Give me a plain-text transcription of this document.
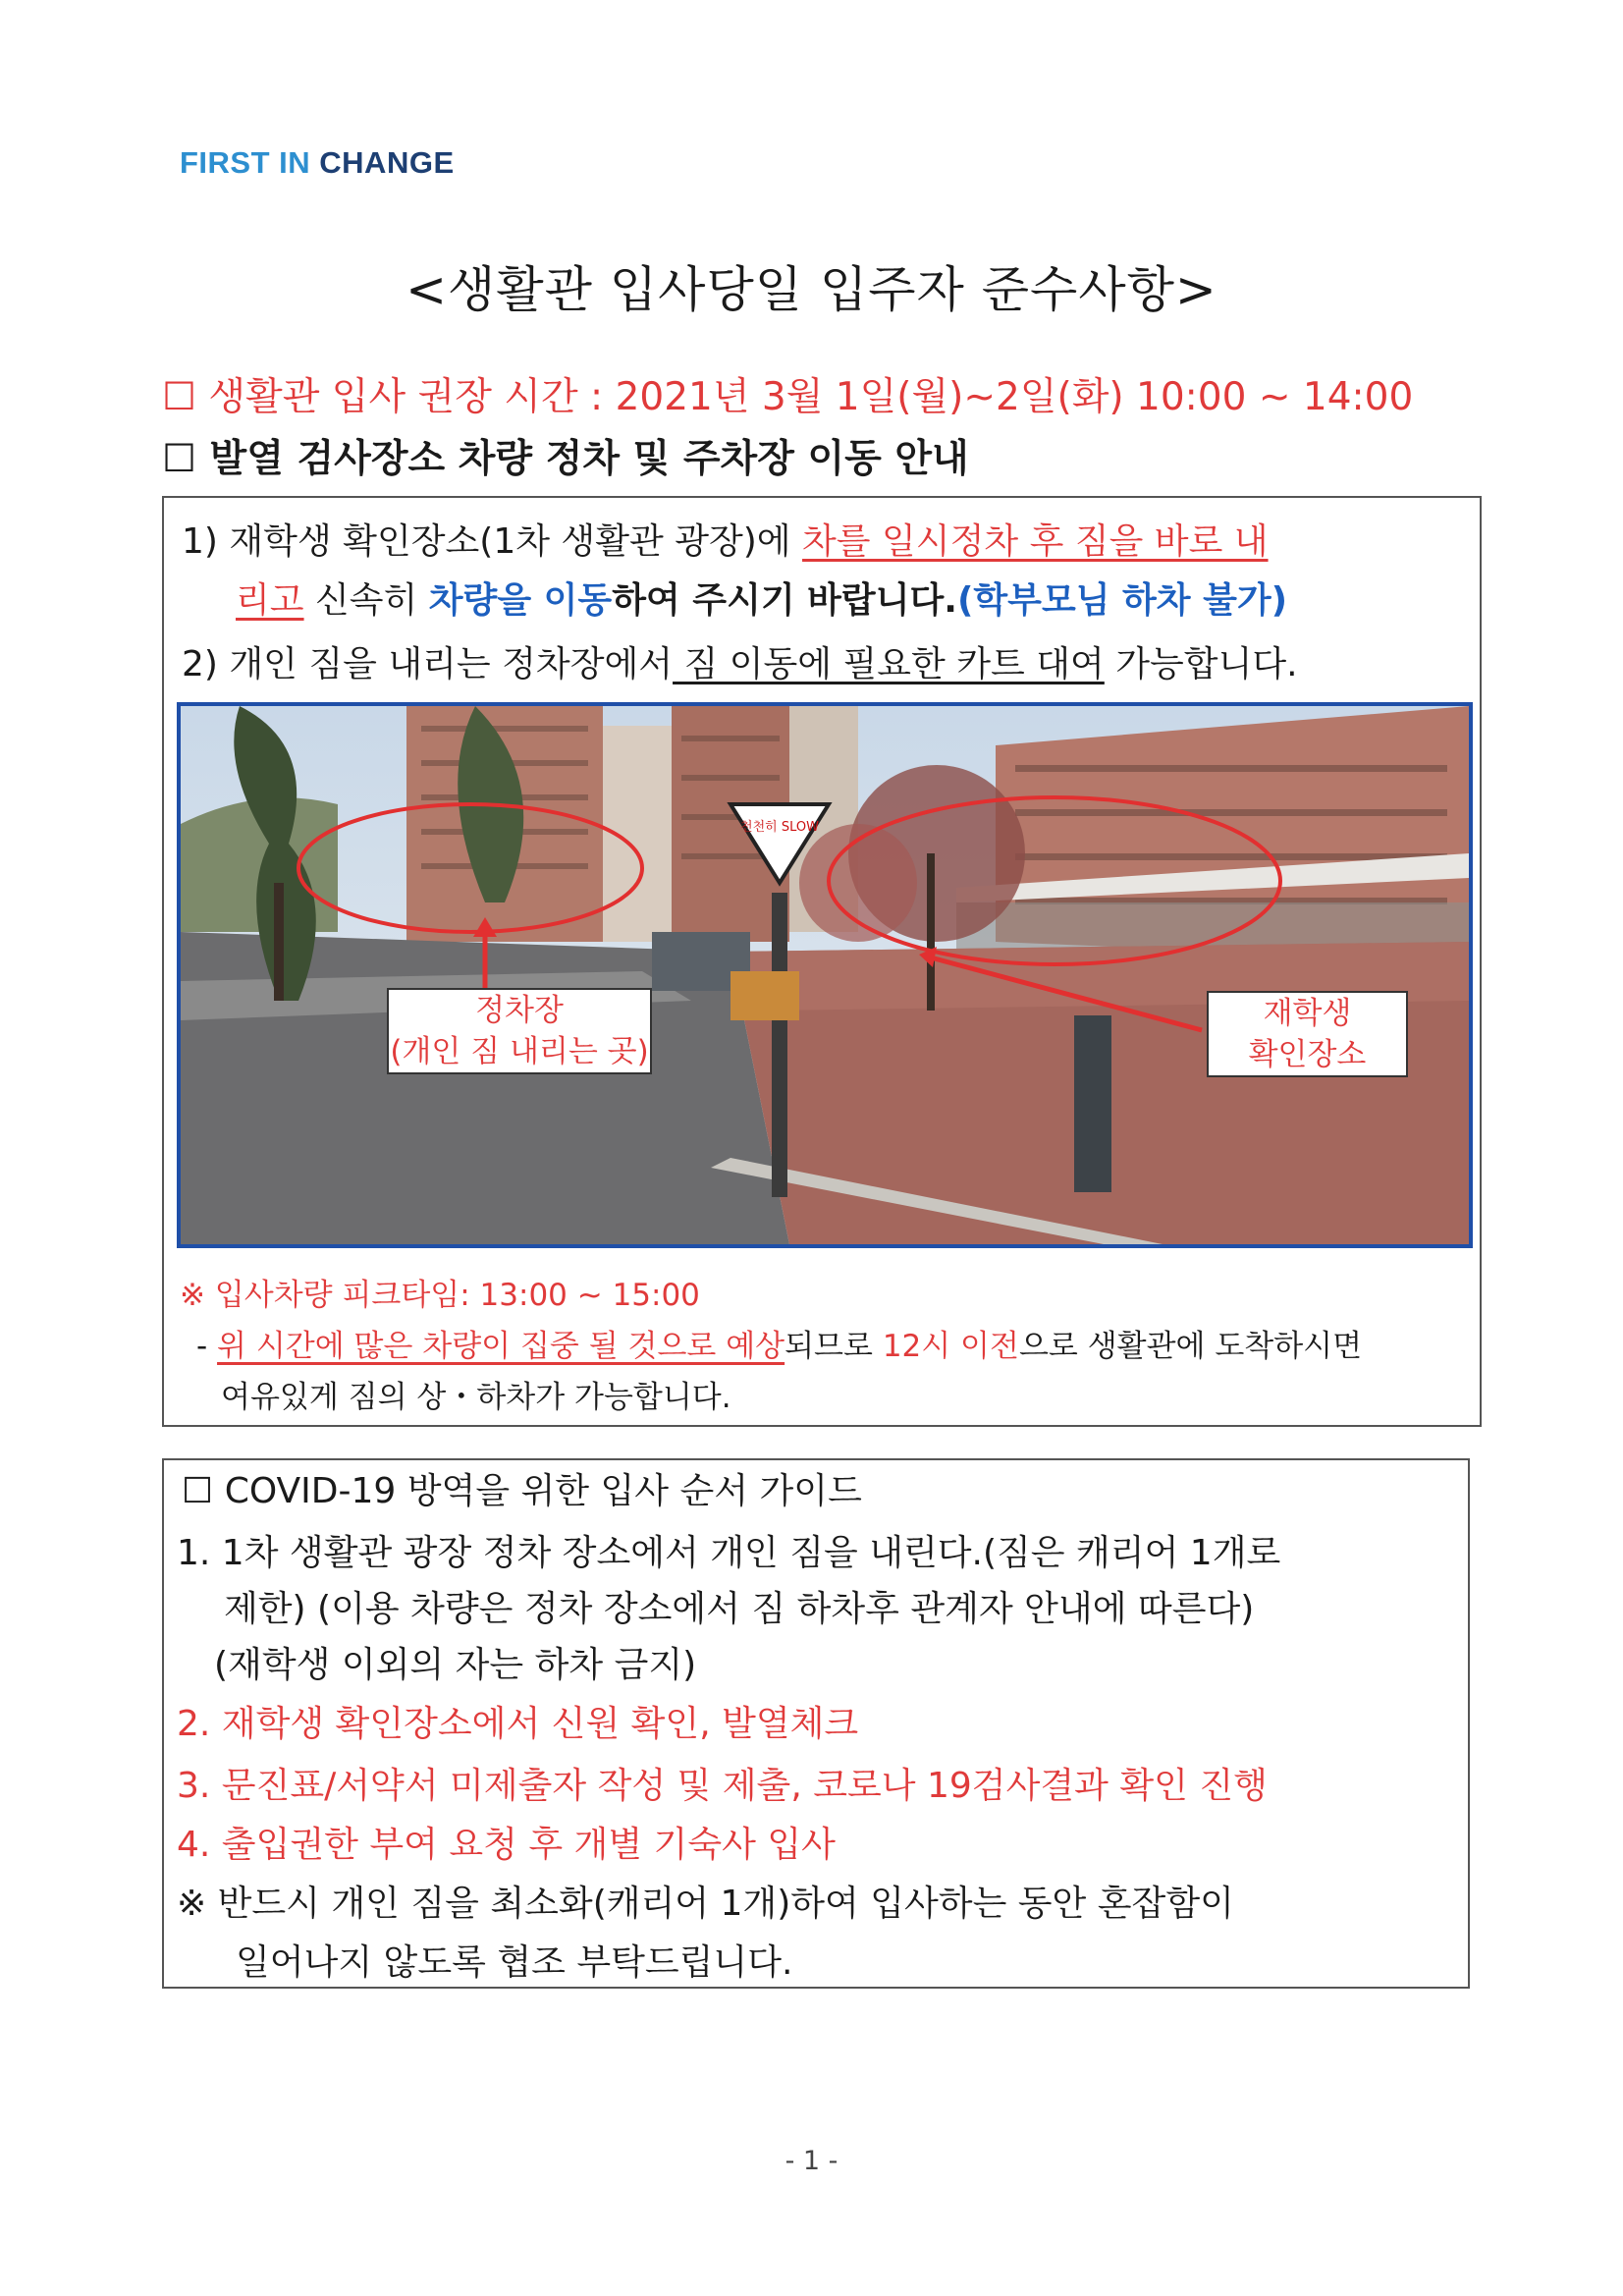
FIRST IN CHANGE
<생활관 입사당일 입주자 준수사항>
☐ 생활관 입사 권장 시간 : 2021년 3월 1일(월)~2일(화) 10:00 ~ 14:00
☐ 발열 검사장소 차량 정차 및 주차장 이동 안내
1) 재학생 확인장소(1차 생활관 광장)에 차를 일시정차 후 짐을 바로 내
리고 신속히 차량을 이동하여 주시기 바랍니다.(학부모님 하차 불가)
2) 개인 짐을 내리는 정차장에서 짐 이동에 필요한 카트 대여 가능합니다.
천천히 SLOW
정차장
(개인 짐 내리는 곳)
재학생
확인장소
※ 입사차량 피크타임: 13:00 ~ 15:00
- 위 시간에 많은 차량이 집중 될 것으로 예상되므로 12시 이전으로 생활관에 도착하시면
여유있게 짐의 상・하차가 가능합니다.
☐ COVID-19 방역을 위한 입사 순서 가이드
1. 1차 생활관 광장 정차 장소에서 개인 짐을 내린다.(짐은 캐리어 1개로
제한) (이용 차량은 정차 장소에서 짐 하차후 관계자 안내에 따른다)
(재학생 이외의 자는 하차 금지)
2. 재학생 확인장소에서 신원 확인, 발열체크
3. 문진표/서약서 미제출자 작성 및 제출, 코로나 19검사결과 확인 진행
4. 출입권한 부여 요청 후 개별 기숙사 입사
※ 반드시 개인 짐을 최소화(캐리어 1개)하여 입사하는 동안 혼잡함이
일어나지 않도록 협조 부탁드립니다.
- 1 -
